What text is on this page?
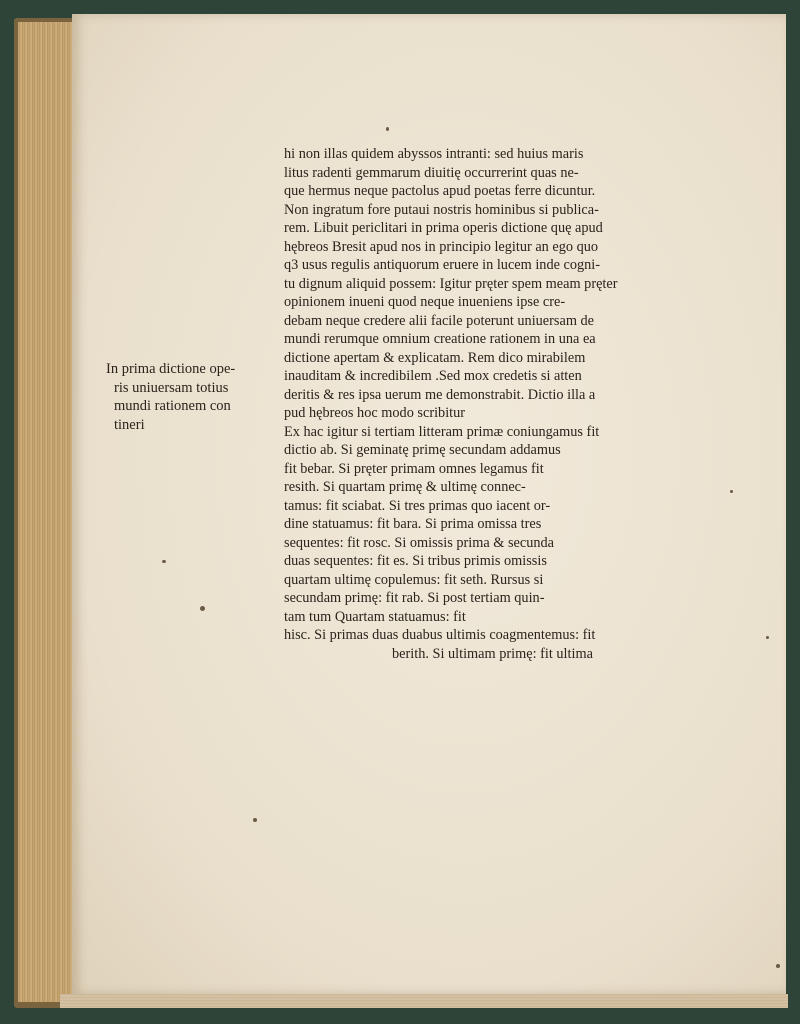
In prima dictione ope-
ris uniuersam totius
mundi rationem con
tineri
hi non illas quidem abyssos intranti: sed huius maris
litus radenti gemmarum diuitię occurrerint quas ne-
que hermus neque pactolus apud poetas ferre dicuntur.
Non ingratum fore putaui nostris hominibus si publica-
rem. Libuit periclitari in prima operis dictione quę apud
hębreos Bresit apud nos in principio legitur an ego quo
q3 usus regulis antiquorum eruere in lucem inde cogni-
tu dignum aliquid possem: Igitur pręter spem meam pręter opinionem inueni quod neque inueniens ipse cre-
debam neque credere alii facile poterunt uniuersam de
mundi rerumque omnium creatione rationem in una ea
dictione apertam & explicatam. Rem dico mirabilem
inauditam & incredibilem .Sed mox credetis si atten
deritis & res ipsa uerum me demonstrabit. Dictio illa a
pud hębreos hoc modo scribitur
Ex hac igitur si tertiam litteram primæ coniungamus fit
dictio ab. Si geminatę primę secundam addamus
fit bebar. Si pręter primam omnes legamus fit
resith. Si quartam primę & ultimę connec-
tamus: fit sciabat. Si tres primas quo iacent or-
dine statuamus: fit bara. Si prima omissa tres
sequentes: fit rosc. Si omissis prima & secunda
duas sequentes: fit es. Si tribus primis omissis
quartam ultimę copulemus: fit seth. Rursus si
secundam primę: fit rab. Si post tertiam quin-
tam tum Quartam statuamus: fit
hisc. Si primas duas duabus ultimis coagmentemus: fit
berith. Si ultimam primę: fit ultima
